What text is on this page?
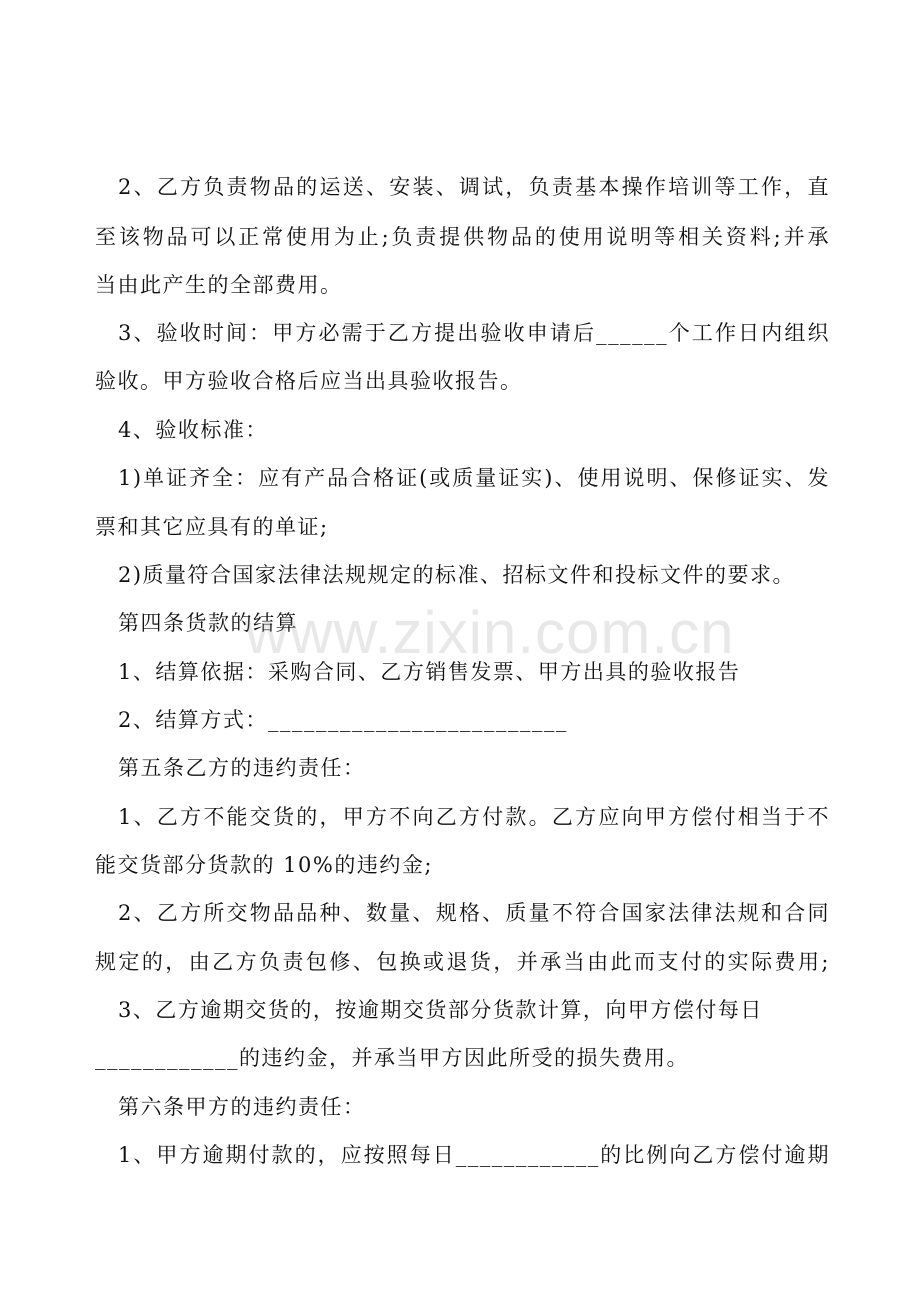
2、乙方负责物品的运送、安装、调试，负责基本操作培训等工作，直
至该物品可以正常使用为止;负责提供物品的使用说明等相关资料;并承
当由此产生的全部费用。
3、验收时间：甲方必需于乙方提出验收申请后______个工作日内组织
验收。甲方验收合格后应当出具验收报告。
4、验收标准：
1)单证齐全：应有产品合格证(或质量证实)、使用说明、保修证实、发
票和其它应具有的单证;
2)质量符合国家法律法规规定的标准、招标文件和投标文件的要求。
第四条货款的结算
1、结算依据：采购合同、乙方销售发票、甲方出具的验收报告
2、结算方式：_________________________
第五条乙方的违约责任：
1、乙方不能交货的，甲方不向乙方付款。乙方应向甲方偿付相当于不
能交货部分货款的 10%的违约金;
2、乙方所交物品品种、数量、规格、质量不符合国家法律法规和合同
规定的，由乙方负责包修、包换或退货，并承当由此而支付的实际费用;
3、乙方逾期交货的，按逾期交货部分货款计算，向甲方偿付每日
____________的违约金，并承当甲方因此所受的损失费用。
第六条甲方的违约责任：
1、甲方逾期付款的，应按照每日____________的比例向乙方偿付逾期
www.zixin.com.cn
